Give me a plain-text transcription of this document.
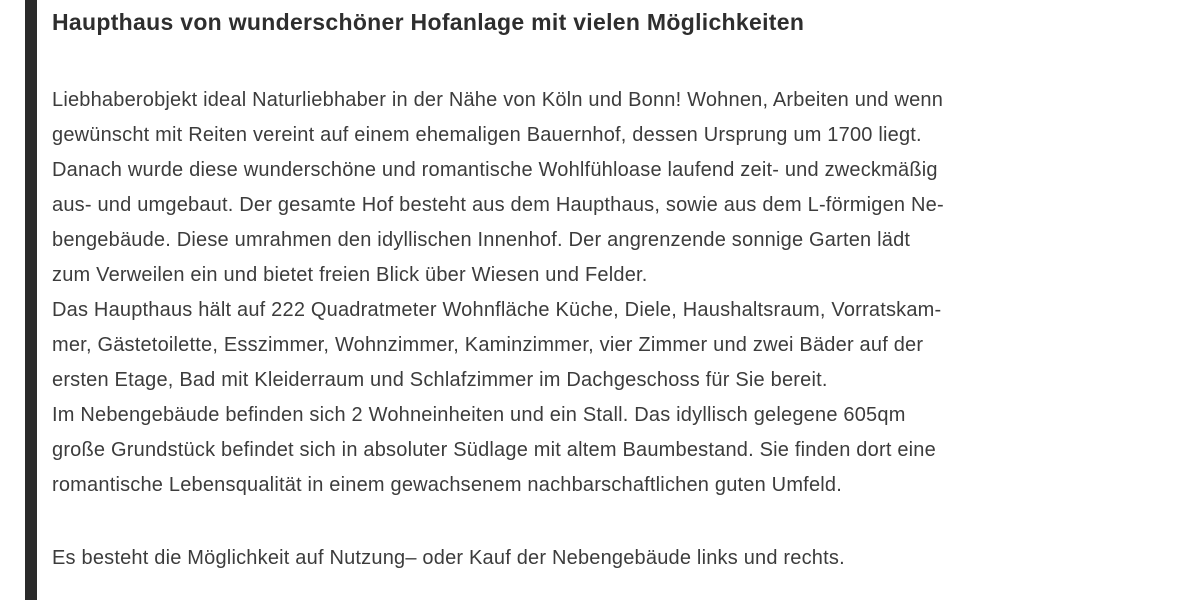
Haupthaus von wunderschöner Hofanlage mit vielen Möglichkeiten

Liebhaberobjekt ideal Naturliebhaber in der Nähe von Köln und Bonn! Wohnen, Arbeiten und wenn
gewünscht mit Reiten vereint auf einem ehemaligen Bauernhof, dessen Ursprung um 1700 liegt.

Danach wurde diese wunderschöne und romantische Wohlfühloase laufend zeit- und zweckmäßig
aus- und umgebaut. Der gesamte Hof besteht aus dem Haupthaus, sowie aus dem L-förmigen Ne-
bengebäude. Diese umrahmen den idyllischen Innenhof. Der angrenzende sonnige Garten lädt
zum Verweilen ein und bietet freien Blick über Wiesen und Felder.

Das Haupthaus hält auf 222 Quadratmeter Wohnfläche Küche, Diele, Haushaltsraum, Vorratskam-
mer, Gästetoilette, Esszimmer, Wohnzimmer, Kaminzimmer, vier Zimmer und zwei Bäder auf der
ersten Etage, Bad mit Kleiderraum und Schlafzimmer im Dachgeschoss für Sie bereit.

Im Nebengebäude befinden sich 2 Wohneinheiten und ein Stall. Das idyllisch gelegene 605qm
große Grundstück befindet sich in absoluter Südlage mit altem Baumbestand. Sie finden dort eine
romantische Lebensqualität in einem gewachsenem nachbarschaftlichen guten Umfeld.

Es besteht die Möglichkeit auf Nutzung– oder Kauf der Nebengebäude links und rechts.
